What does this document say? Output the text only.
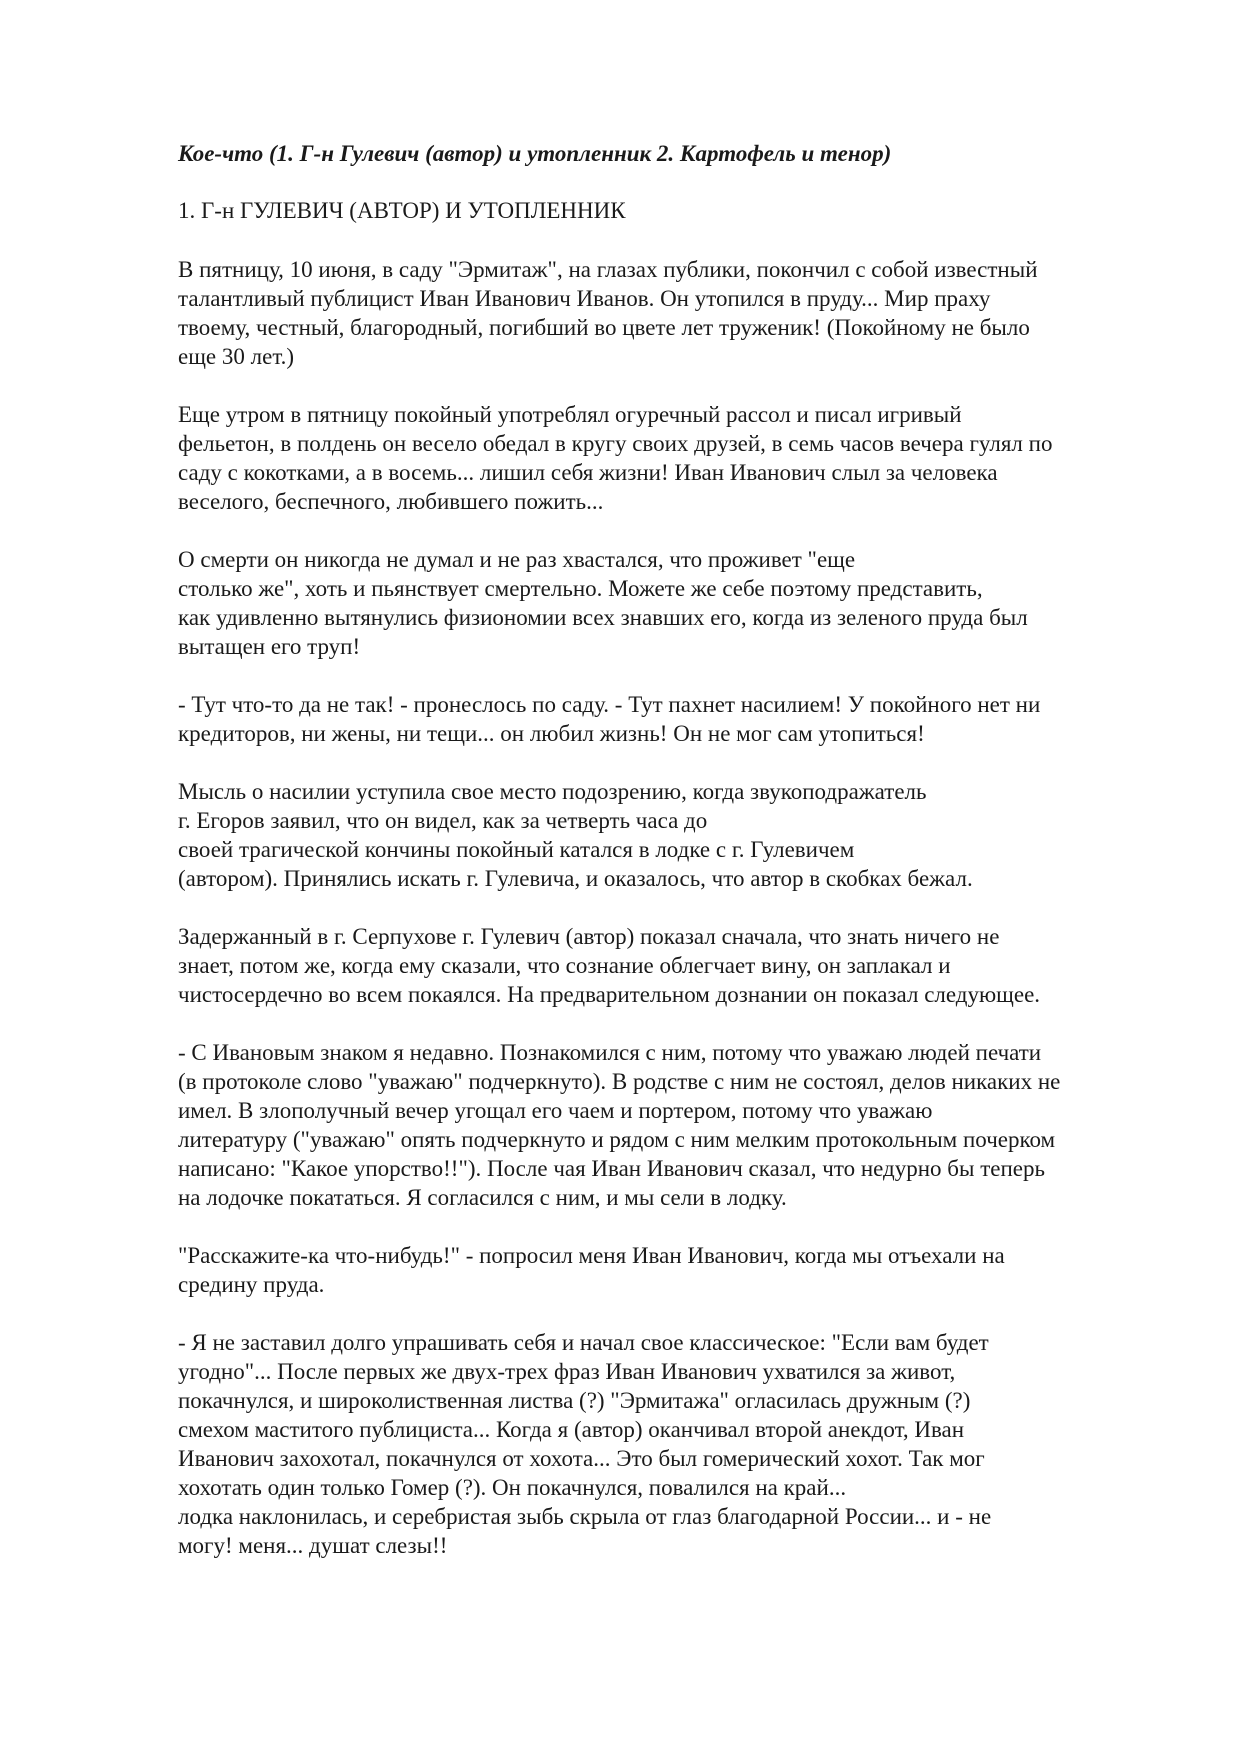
Кое-что (1. Г-н Гулевич (автор) и утопленник 2. Картофель и тенор)
1. Г-н ГУЛЕВИЧ (АВТОР) И УТОПЛЕННИК
В пятницу, 10 июня, в саду "Эрмитаж", на глазах публики, покончил с собой известный
талантливый публицист Иван Иванович Иванов. Он утопился в пруду... Мир праху
твоему, честный, благородный, погибший во цвете лет труженик! (Покойному не было
еще 30 лет.)
Еще утром в пятницу покойный употреблял огуречный рассол и писал игривый
фельетон, в полдень он весело обедал в кругу своих друзей, в семь часов вечера гулял по
саду с кокотками, а в восемь... лишил себя жизни! Иван Иванович слыл за человека
веселого, беспечного, любившего пожить...
О смерти он никогда не думал и не раз хвастался, что проживет "еще
столько же", хоть и пьянствует смертельно. Можете же себе поэтому представить,
как удивленно вытянулись физиономии всех знавших его, когда из зеленого пруда был
вытащен его труп!
- Тут что-то да не так! - пронеслось по саду. - Тут пахнет насилием! У покойного нет ни
кредиторов, ни жены, ни тещи... он любил жизнь! Он не мог сам утопиться!
Мысль о насилии уступила свое место подозрению, когда звукоподражатель
г. Егоров заявил, что он видел, как за четверть часа до
своей трагической кончины покойный катался в лодке с г. Гулевичем
(автором). Принялись искать г. Гулевича, и оказалось, что автор в скобках бежал.
Задержанный в г. Серпухове г. Гулевич (автор) показал сначала, что знать ничего не
знает, потом же, когда ему сказали, что сознание облегчает вину, он заплакал и
чистосердечно во всем покаялся. На предварительном дознании он показал следующее.
- С Ивановым знаком я недавно. Познакомился с ним, потому что уважаю людей печати
(в протоколе слово "уважаю" подчеркнуто). В родстве с ним не состоял, делов никаких не
имел. В злополучный вечер угощал его чаем и портером, потому что уважаю
литературу ("уважаю" опять подчеркнуто и рядом с ним мелким протокольным почерком
написано: "Какое упорство!!"). После чая Иван Иванович сказал, что недурно бы теперь
на лодочке покататься. Я согласился с ним, и мы сели в лодку.
"Расскажите-ка что-нибудь!" - попросил меня Иван Иванович, когда мы отъехали на
средину пруда.
- Я не заставил долго упрашивать себя и начал свое классическое: "Если вам будет
угодно"... После первых же двух-трех фраз Иван Иванович ухватился за живот,
покачнулся, и широколиственная листва (?) "Эрмитажа" огласилась дружным (?)
смехом маститого публициста... Когда я (автор) оканчивал второй анекдот, Иван
Иванович захохотал, покачнулся от хохота... Это был гомерический хохот. Так мог
хохотать один только Гомер (?). Он покачнулся, повалился на край...
лодка наклонилась, и серебристая зыбь скрыла от глаз благодарной России... и - не
могу! меня... душат слезы!!
